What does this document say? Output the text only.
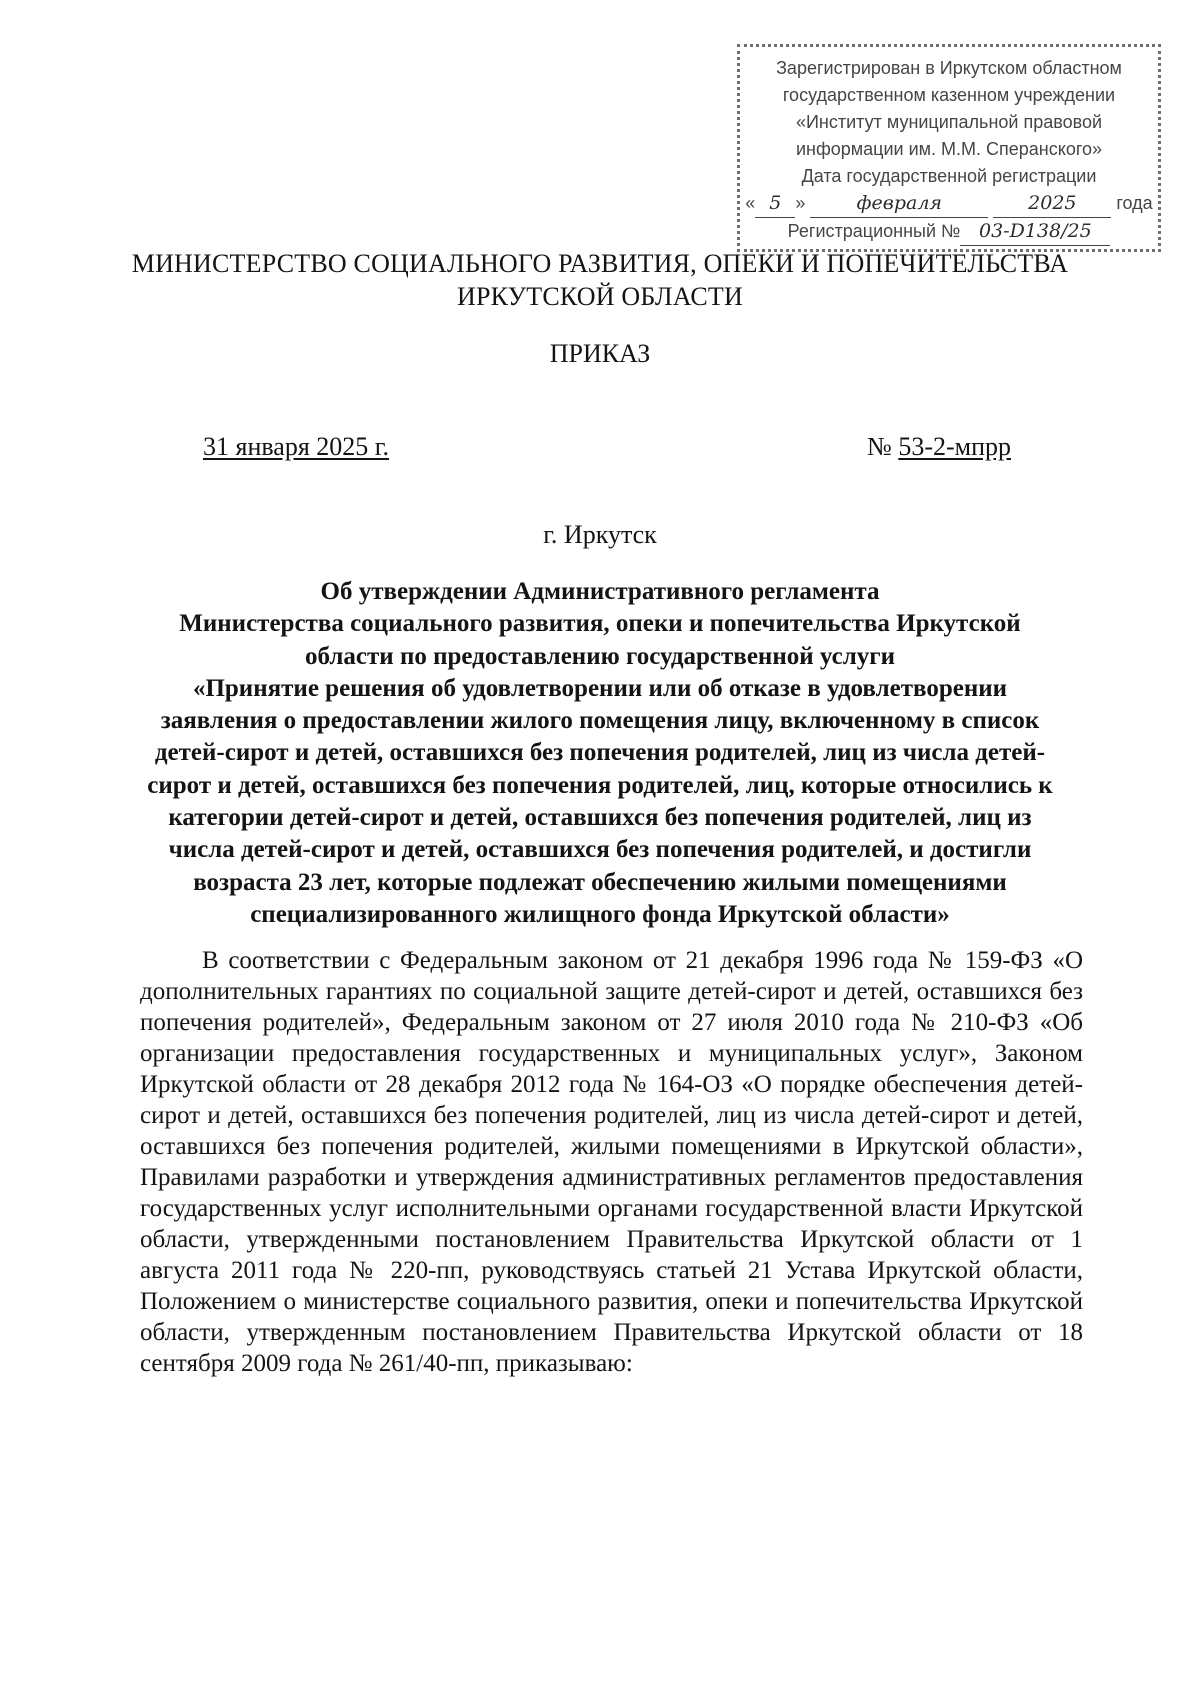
Зарегистрирован в Иркутском областном
государственном казенном учреждении
«Институт муниципальной правовой
информации им. М.М. Сперанского»
Дата государственной регистрации
« 5 »	февраля	2025 года
Регистрационный № 03-D138/25
МИНИСТЕРСТВО СОЦИАЛЬНОГО РАЗВИТИЯ, ОПЕКИ И ПОПЕЧИТЕЛЬСТВА
ИРКУТСКОЙ ОБЛАСТИ
ПРИКАЗ
31 января 2025 г.	№ 53-2-мпрр
г. Иркутск
Об утверждении Административного регламента
Министерства социального развития, опеки и попечительства Иркутской
области по предоставлению государственной услуги
«Принятие решения об удовлетворении или об отказе в удовлетворении
заявления о предоставлении жилого помещения лицу, включенному в список
детей-сирот и детей, оставшихся без попечения родителей, лиц из числа детей-
сирот и детей, оставшихся без попечения родителей, лиц, которые относились к
категории детей-сирот и детей, оставшихся без попечения родителей, лиц из
числа детей-сирот и детей, оставшихся без попечения родителей, и достигли
возраста 23 лет, которые подлежат обеспечению жилыми помещениями
специализированного жилищного фонда Иркутской области»

В соответствии с Федеральным законом от 21 декабря 1996 года № 159-ФЗ «О дополнительных гарантиях по социальной защите детей-сирот и детей, оставшихся без попечения родителей», Федеральным законом от 27 июля 2010 года № 210-ФЗ «Об организации предоставления государственных и муниципальных услуг», Законом Иркутской области от 28 декабря 2012 года № 164-ОЗ «О порядке обеспечения детей-сирот и детей, оставшихся без попечения родителей, лиц из числа детей-сирот и детей, оставшихся без попечения родителей, жилыми помещениями в Иркутской области», Правилами разработки и утверждения административных регламентов предоставления государственных услуг исполнительными органами государственной власти Иркутской области, утвержденными постановлением Правительства Иркутской области от 1 августа 2011 года № 220-пп, руководствуясь статьей 21 Устава Иркутской области, Положением о министерстве социального развития, опеки и попечительства Иркутской области, утвержденным постановлением Правительства Иркутской области от 18 сентября 2009 года № 261/40-пп, приказываю:
